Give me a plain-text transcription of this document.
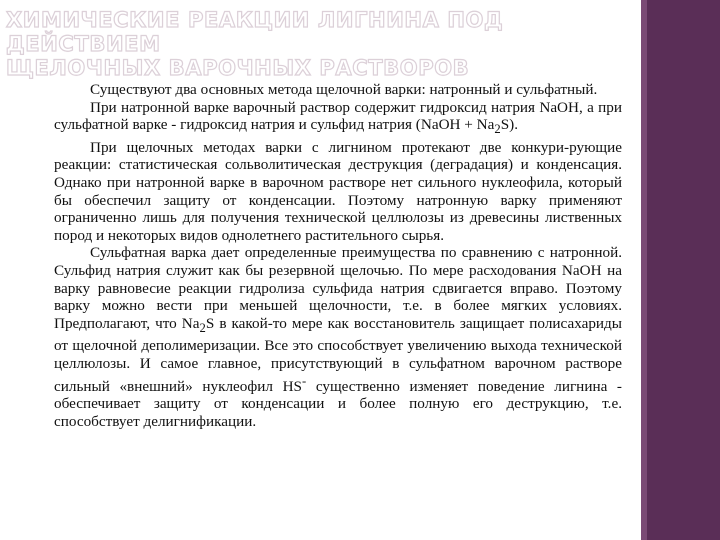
ХИМИЧЕСКИЕ РЕАКЦИИ ЛИГНИНА ПОД ДЕЙСТВИЕМ
ЩЕЛОЧНЫХ ВАРОЧНЫХ РАСТВОРОВ

Существуют два основных метода щелочной варки: натронный и сульфатный.

При натронной варке варочный раствор содержит гидроксид натрия NaOH, а при сульфатной варке - гидроксид натрия и сульфид натрия (NaOH + $Na_2S$).

При щелочных методах варки с лигнином протекают две конкури-рующие реакции: статистическая сольволитическая деструкция (деградация) и конденсация. Однако при натронной варке в варочном растворе нет сильного нуклеофила, который бы обеспечил защиту от конденсации. Поэтому натронную варку применяют ограниченно лишь для получения технической целлюлозы из древесины лиственных пород и некоторых видов однолетнего растительного сырья.

Сульфатная варка дает определенные преимущества по сравнению с натронной. Сульфид натрия служит как бы резервной щелочью. По мере расходования NaOH на варку равновесие реакции гидролиза сульфида натрия сдвигается вправо. Поэтому варку можно вести при меньшей щелочности, т.е. в более мягких условиях. Предполагают, что $Na_2S$ в какой-то мере как восстановитель защищает полисахариды от щелочной деполимеризации. Все это способствует увеличению выхода технической целлюлозы. И самое главное, присутствующий в сульфатном варочном растворе сильный «внешний» нуклеофил HS- существенно изменяет поведение лигнина - обеспечивает защиту от конденсации и более полную его деструкцию, т.е. способствует делигнификации.
